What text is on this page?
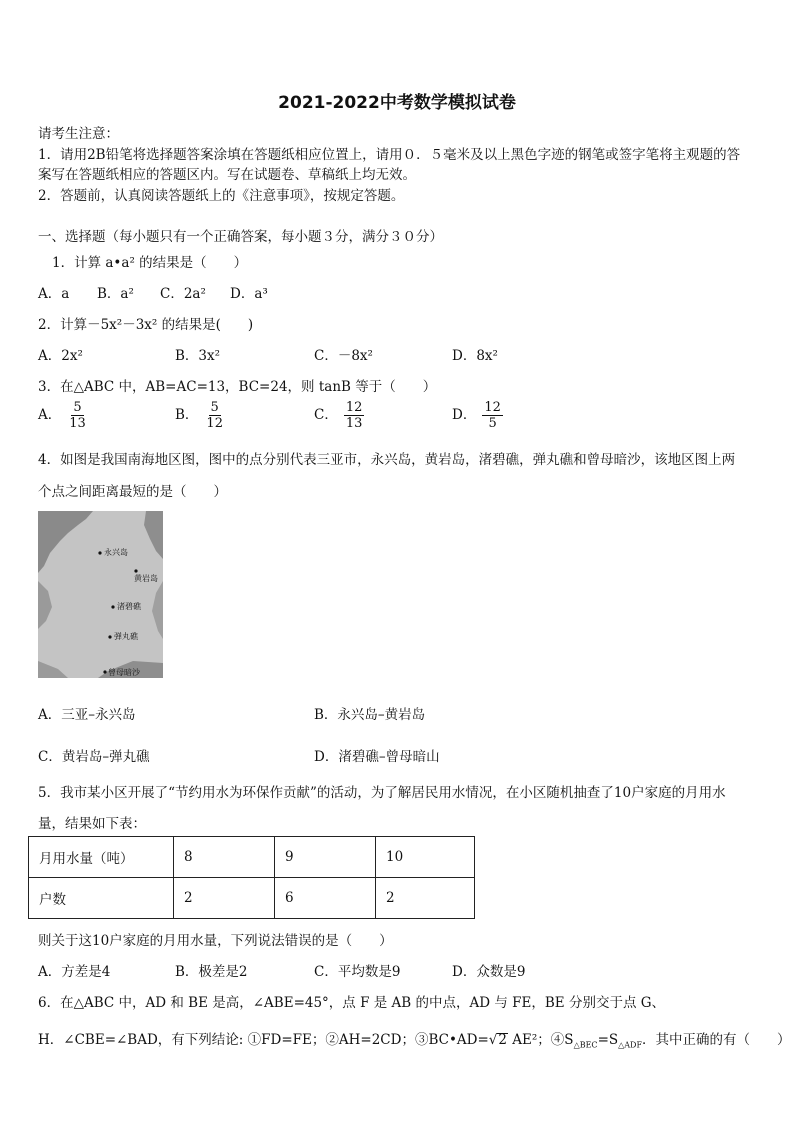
2021-2022中考数学模拟试卷
请考生注意：
1．请用2B铅笔将选择题答案涂填在答题纸相应位置上，请用０．５毫米及以上黑色字迹的钢笔或签字笔将主观题的答
案写在答题纸相应的答题区内。写在试题卷、草稿纸上均无效。
2．答题前，认真阅读答题纸上的《注意事项》，按规定答题。
一、选择题（每小题只有一个正确答案，每小题３分，满分３０分）
1．计算 a•a² 的结果是（　　）
A．a B．a² C．2a² D．a³
2．计算－5x²－3x² 的结果是(　　)
A．2x²	B．3x²	C．－8x²	D．8x²
3．在△ABC 中，AB=AC=13，BC=24，则 tanB 等于（　　）
A． $\frac{5}{13}$	B． $\frac{5}{12}$	C． $\frac{12}{13}$	D． $\frac{12}{5}$
4．如图是我国南海地区图，图中的点分别代表三亚市，永兴岛，黄岩岛，渚碧礁，弹丸礁和曾母暗沙，该地区图上两
个点之间距离最短的是（　　）
永兴岛
黄岩岛
渚碧礁
弹丸礁
曾母暗沙
A．三亚–永兴岛	B．永兴岛–黄岩岛
C．黄岩岛–弹丸礁	D．渚碧礁–曾母暗山
5．我市某小区开展了“节约用水为环保作贡献”的活动，为了解居民用水情况，在小区随机抽查了10户家庭的月用水
量，结果如下表：
月用水量（吨）	8	9	10
户数	2	6	2
则关于这10户家庭的月用水量，下列说法错误的是（　　）
A．方差是4	B．极差是2	C．平均数是9	D．众数是9
6．在△ABC 中，AD 和 BE 是高，∠ABE=45°，点 F 是 AB 的中点，AD 与 FE，BE 分别交于点 G、
H．∠CBE=∠BAD，有下列结论: ①FD=FE；②AH=2CD；③BC•AD=√2 AE²；$④S_{\triangle BEC}=S_{\triangle ADF}$．其中正确的有（　　）
